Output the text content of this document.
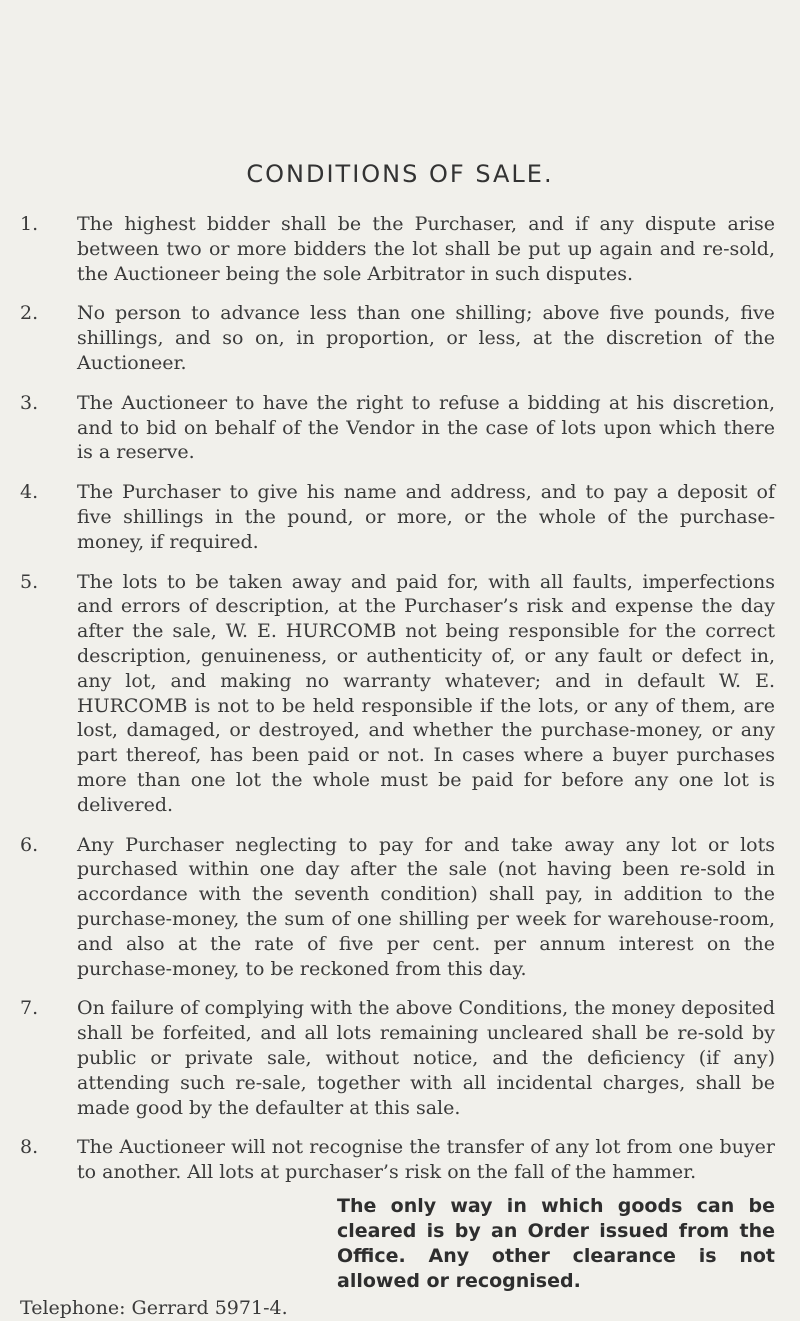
CONDITIONS OF SALE.
1.	The highest bidder shall be the Purchaser, and if any dispute arise between two or more bidders the lot shall be put up again and re-sold, the Auctioneer being the sole Arbitrator in such disputes.
2.	No person to advance less than one shilling; above five pounds, five shillings, and so on, in proportion, or less, at the discretion of the Auctioneer.
3.	The Auctioneer to have the right to refuse a bidding at his discretion, and to bid on behalf of the Vendor in the case of lots upon which there is a reserve.
4.	The Purchaser to give his name and address, and to pay a deposit of five shillings in the pound, or more, or the whole of the purchase-money, if required.
5.	The lots to be taken away and paid for, with all faults, imperfections and errors of description, at the Purchaser’s risk and expense the day after the sale, W. E. HURCOMB not being responsible for the correct description, genuineness, or authenticity of, or any fault or defect in, any lot, and making no warranty whatever; and in default W. E. HURCOMB is not to be held responsible if the lots, or any of them, are lost, damaged, or destroyed, and whether the purchase-money, or any part thereof, has been paid or not. In cases where a buyer purchases more than one lot the whole must be paid for before any one lot is delivered.
6.	Any Purchaser neglecting to pay for and take away any lot or lots purchased within one day after the sale (not having been re-sold in accordance with the seventh condition) shall pay, in addition to the purchase-money, the sum of one shilling per week for warehouse-room, and also at the rate of five per cent. per annum interest on the purchase-money, to be reckoned from this day.
7.	On failure of complying with the above Conditions, the money deposited shall be forfeited, and all lots remaining uncleared shall be re-sold by public or private sale, without notice, and the deficiency (if any) attending such re-sale, together with all incidental charges, shall be made good by the defaulter at this sale.
8.	The Auctioneer will not recognise the transfer of any lot from one buyer to another. All lots at purchaser’s risk on the fall of the hammer.
The only way in which goods can be cleared is by an Order issued from the Office. Any other clearance is not allowed or recognised.
Telephone: Gerrard 5971-4.
